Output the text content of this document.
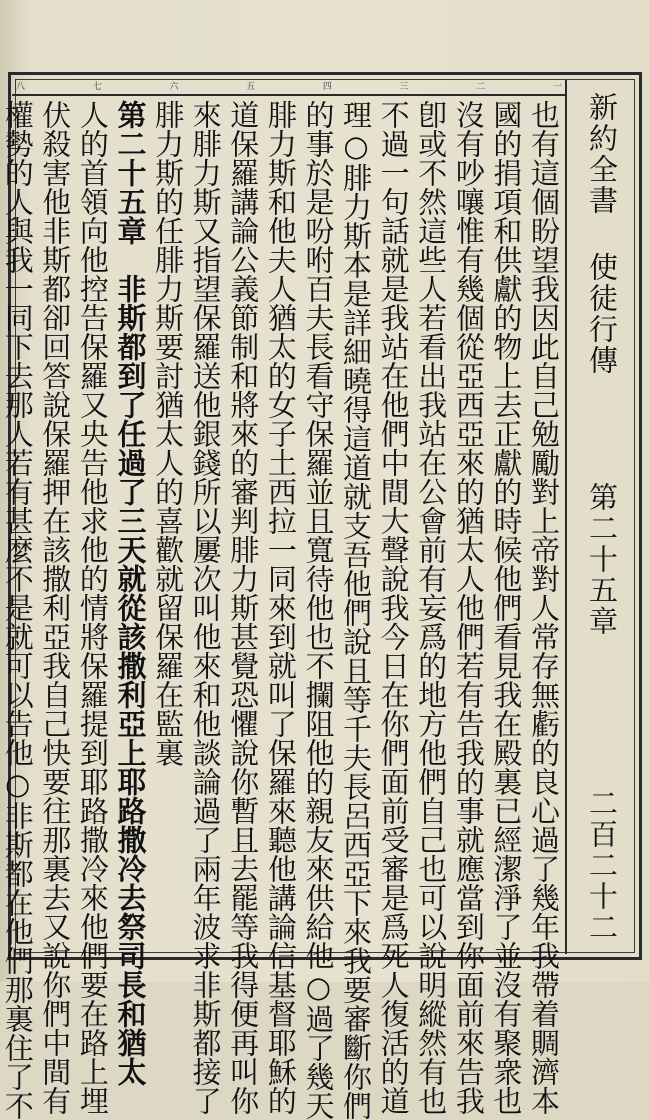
八	七	六	五	四	三	二	一
新約全書 使徒行傳
第二十五章
二百二十二
也有這個盼望我因此自己勉勵對上帝對人常存無虧的良心過了幾年我帶着賙濟本
國的捐項和供獻的物上去正獻的時候他們看見我在殿裏已經潔淨了並沒有聚衆也
沒有吵嚷惟有幾個從亞西亞來的猶太人他們若有告我的事就應當到你面前來告我
卽或不然這些人若看出我站在公會前有妄爲的地方他們自己也可以說明縱然有也
不過一句話就是我站在他們中間大聲說我今日在你們面前受審是爲死人復活的道
理○腓力斯本是詳細曉得這道就支吾他們說且等千夫長呂西亞下來我要審斷你們
的事於是吩咐百夫長看守保羅並且寬待他也不攔阻他的親友來供給他○過了幾天
腓力斯和他夫人猶太的女子土西拉一同來到就叫了保羅來聽他講論信基督耶穌的
道保羅講論公義節制和將來的審判腓力斯甚覺恐懼說你暫且去罷等我得便再叫你
來腓力斯又指望保羅送他銀錢所以屢次叫他來和他談論過了兩年波求非斯都接了
腓力斯的任腓力斯要討猶太人的喜歡就留保羅在監裏
第二十五章　非斯都到了任過了三天就從該撒利亞上耶路撒冷去祭司長和猶太
人的首領向他控告保羅又央告他求他的情將保羅提到耶路撒冷來他們要在路上埋
伏殺害他非斯都卻回答說保羅押在該撒利亞我自己快要往那裏去又說你們中間有
權勢的人與我一同下去那人若有甚麼不是就可以告他○非斯都在他們那裏住了不
